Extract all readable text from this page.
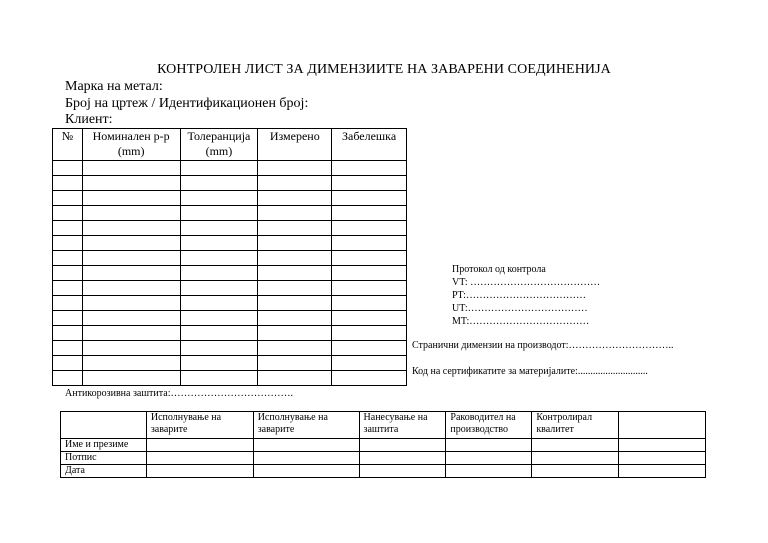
КОНТРОЛЕН ЛИСТ ЗА ДИМЕНЗИИТЕ НА ЗАВАРЕНИ СОЕДИНЕНИЈА
Марка на метал:
Број на цртеж / Идентификационен број:
Клиент:
№	Номинален р-р (mm)	Толеранција (mm)	Измерено	Забелешка

Протокол од контрола
VT: …………………………………
PT:………………………………
UT:………………………………
MT:………………………………
Странични димензии на производот:…………………………..
Код на сертификатите за материјалите:............................
Антикорозивна заштита:……………………………….
	Исполнување на заварите	Исполнување на заварите	Нанесување на заштита	Раководител на производство	Контролирал квалитет	
Име и презиме						
Потпис						
Дата						
